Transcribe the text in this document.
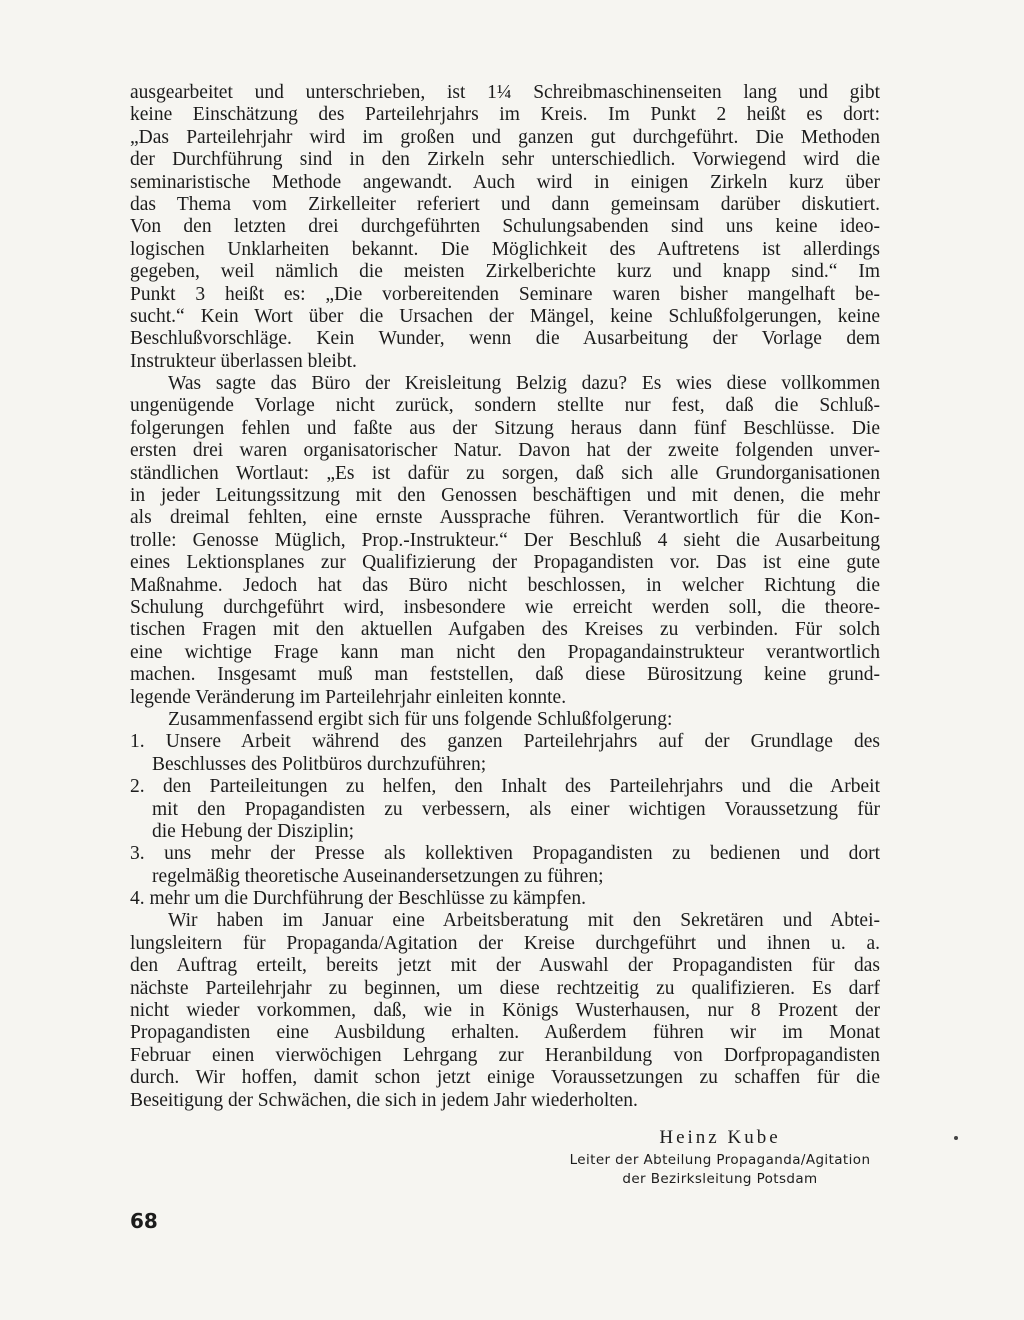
ausgearbeitet und unterschrieben, ist 1¼ Schreibmaschinenseiten lang und gibt
keine Einschätzung des Parteilehrjahrs im Kreis. Im Punkt 2 heißt es dort:
„Das Parteilehrjahr wird im großen und ganzen gut durchgeführt. Die Methoden
der Durchführung sind in den Zirkeln sehr unterschiedlich. Vorwiegend wird die
seminaristische Methode angewandt. Auch wird in einigen Zirkeln kurz über
das Thema vom Zirkelleiter referiert und dann gemeinsam darüber diskutiert.
Von den letzten drei durchgeführten Schulungsabenden sind uns keine ideo-
logischen Unklarheiten bekannt. Die Möglichkeit des Auftretens ist allerdings
gegeben, weil nämlich die meisten Zirkelberichte kurz und knapp sind.“ Im
Punkt 3 heißt es: „Die vorbereitenden Seminare waren bisher mangelhaft be-
sucht.“ Kein Wort über die Ursachen der Mängel, keine Schlußfolgerungen, keine
Beschlußvorschläge. Kein Wunder, wenn die Ausarbeitung der Vorlage dem
Instrukteur überlassen bleibt.
Was sagte das Büro der Kreisleitung Belzig dazu? Es wies diese vollkommen
ungenügende Vorlage nicht zurück, sondern stellte nur fest, daß die Schluß-
folgerungen fehlen und faßte aus der Sitzung heraus dann fünf Beschlüsse. Die
ersten drei waren organisatorischer Natur. Davon hat der zweite folgenden unver-
ständlichen Wortlaut: „Es ist dafür zu sorgen, daß sich alle Grundorganisationen
in jeder Leitungssitzung mit den Genossen beschäftigen und mit denen, die mehr
als dreimal fehlten, eine ernste Aussprache führen. Verantwortlich für die Kon-
trolle: Genosse Müglich, Prop.-Instrukteur.“ Der Beschluß 4 sieht die Ausarbeitung
eines Lektionsplanes zur Qualifizierung der Propagandisten vor. Das ist eine gute
Maßnahme. Jedoch hat das Büro nicht beschlossen, in welcher Richtung die
Schulung durchgeführt wird, insbesondere wie erreicht werden soll, die theore-
tischen Fragen mit den aktuellen Aufgaben des Kreises zu verbinden. Für solch
eine wichtige Frage kann man nicht den Propagandainstrukteur verantwortlich
machen. Insgesamt muß man feststellen, daß diese Bürositzung keine grund-
legende Veränderung im Parteilehrjahr einleiten konnte.
Zusammenfassend ergibt sich für uns folgende Schlußfolgerung:
1. Unsere Arbeit während des ganzen Parteilehrjahrs auf der Grundlage des
Beschlusses des Politbüros durchzuführen;
2. den Parteileitungen zu helfen, den Inhalt des Parteilehrjahrs und die Arbeit
mit den Propagandisten zu verbessern, als einer wichtigen Voraussetzung für
die Hebung der Disziplin;
3. uns mehr der Presse als kollektiven Propagandisten zu bedienen und dort
regelmäßig theoretische Auseinandersetzungen zu führen;
4. mehr um die Durchführung der Beschlüsse zu kämpfen.
Wir haben im Januar eine Arbeitsberatung mit den Sekretären und Abtei-
lungsleitern für Propaganda/Agitation der Kreise durchgeführt und ihnen u. a.
den Auftrag erteilt, bereits jetzt mit der Auswahl der Propagandisten für das
nächste Parteilehrjahr zu beginnen, um diese rechtzeitig zu qualifizieren. Es darf
nicht wieder vorkommen, daß, wie in Königs Wusterhausen, nur 8 Prozent der
Propagandisten eine Ausbildung erhalten. Außerdem führen wir im Monat
Februar einen vierwöchigen Lehrgang zur Heranbildung von Dorfpropagandisten
durch. Wir hoffen, damit schon jetzt einige Voraussetzungen zu schaffen für die
Beseitigung der Schwächen, die sich in jedem Jahr wiederholten.
Heinz Kube
Leiter der Abteilung Propaganda/Agitation
der Bezirksleitung Potsdam
68
